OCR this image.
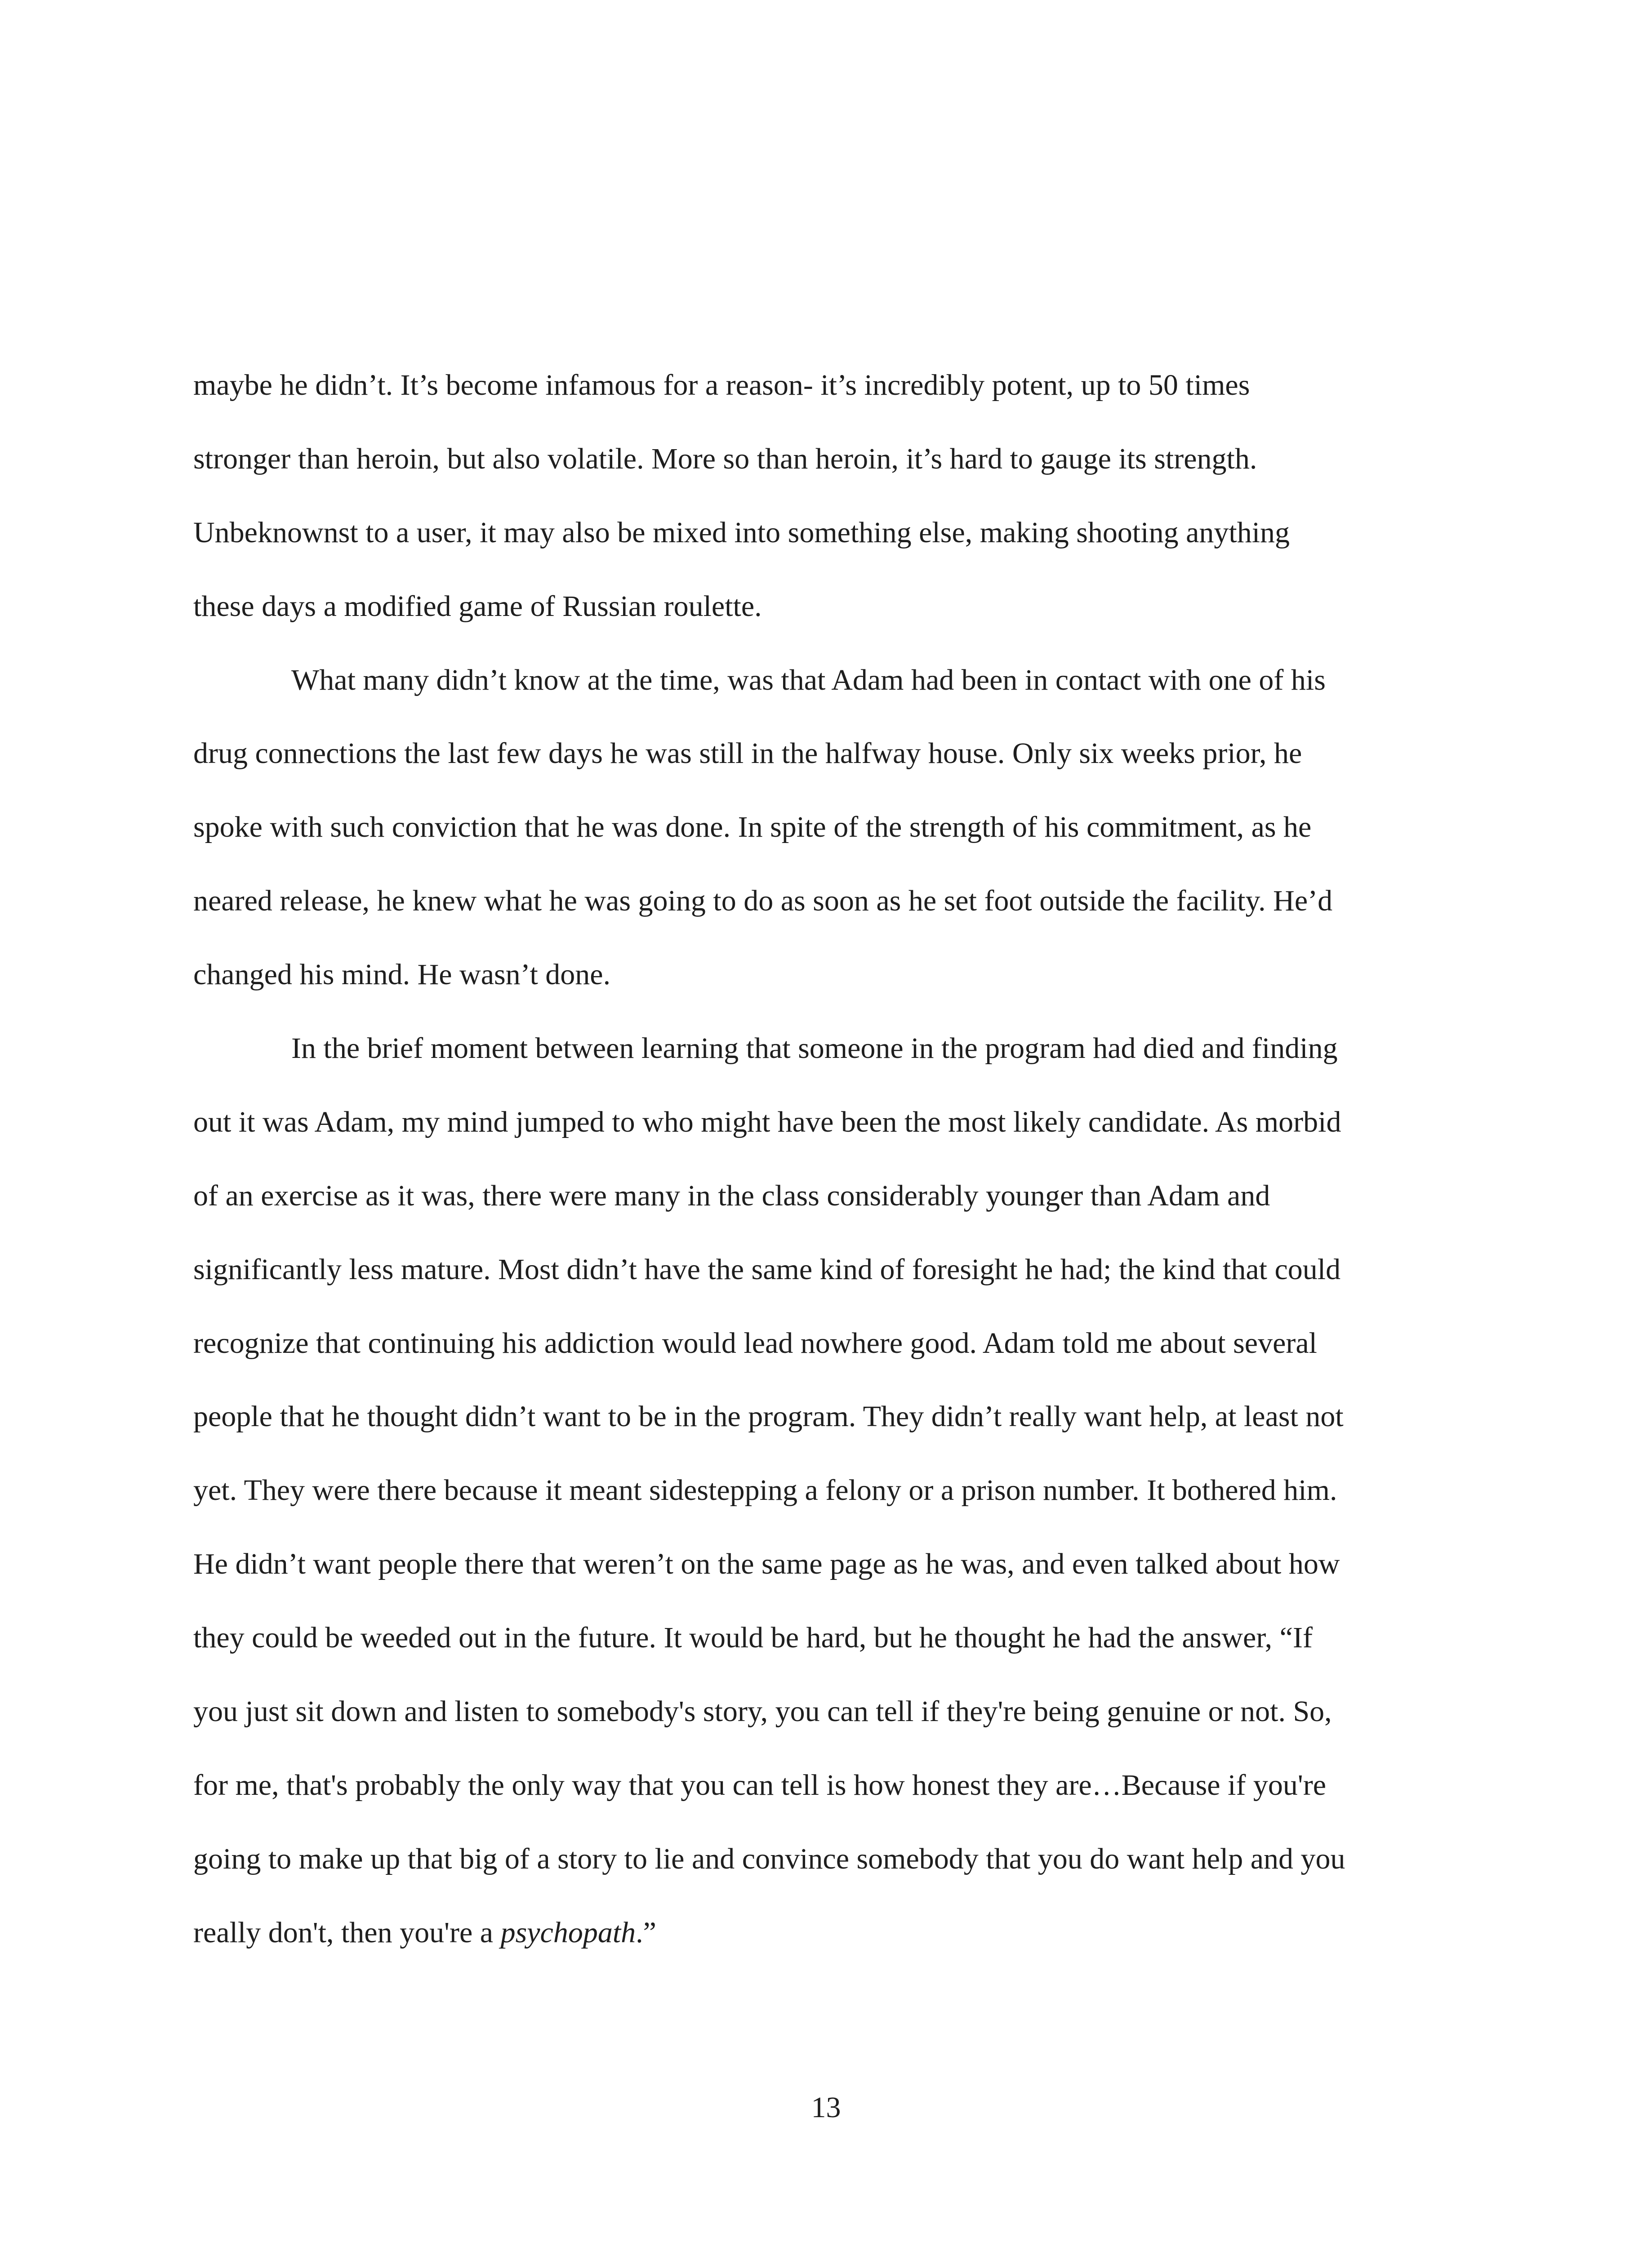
maybe he didn’t. It’s become infamous for a reason- it’s incredibly potent, up to 50 times
stronger than heroin, but also volatile. More so than heroin, it’s hard to gauge its strength.
Unbeknownst to a user, it may also be mixed into something else, making shooting anything
these days a modified game of Russian roulette.
What many didn’t know at the time, was that Adam had been in contact with one of his
drug connections the last few days he was still in the halfway house. Only six weeks prior, he
spoke with such conviction that he was done. In spite of the strength of his commitment, as he
neared release, he knew what he was going to do as soon as he set foot outside the facility. He’d
changed his mind. He wasn’t done.
In the brief moment between learning that someone in the program had died and finding
out it was Adam, my mind jumped to who might have been the most likely candidate. As morbid
of an exercise as it was, there were many in the class considerably younger than Adam and
significantly less mature. Most didn’t have the same kind of foresight he had; the kind that could
recognize that continuing his addiction would lead nowhere good. Adam told me about several
people that he thought didn’t want to be in the program. They didn’t really want help, at least not
yet. They were there because it meant sidestepping a felony or a prison number. It bothered him.
He didn’t want people there that weren’t on the same page as he was, and even talked about how
they could be weeded out in the future. It would be hard, but he thought he had the answer, “If
you just sit down and listen to somebody's story, you can tell if they're being genuine or not. So,
for me, that's probably the only way that you can tell is how honest they are…Because if you're
going to make up that big of a story to lie and convince somebody that you do want help and you
really don't, then you're a psychopath.”
13
